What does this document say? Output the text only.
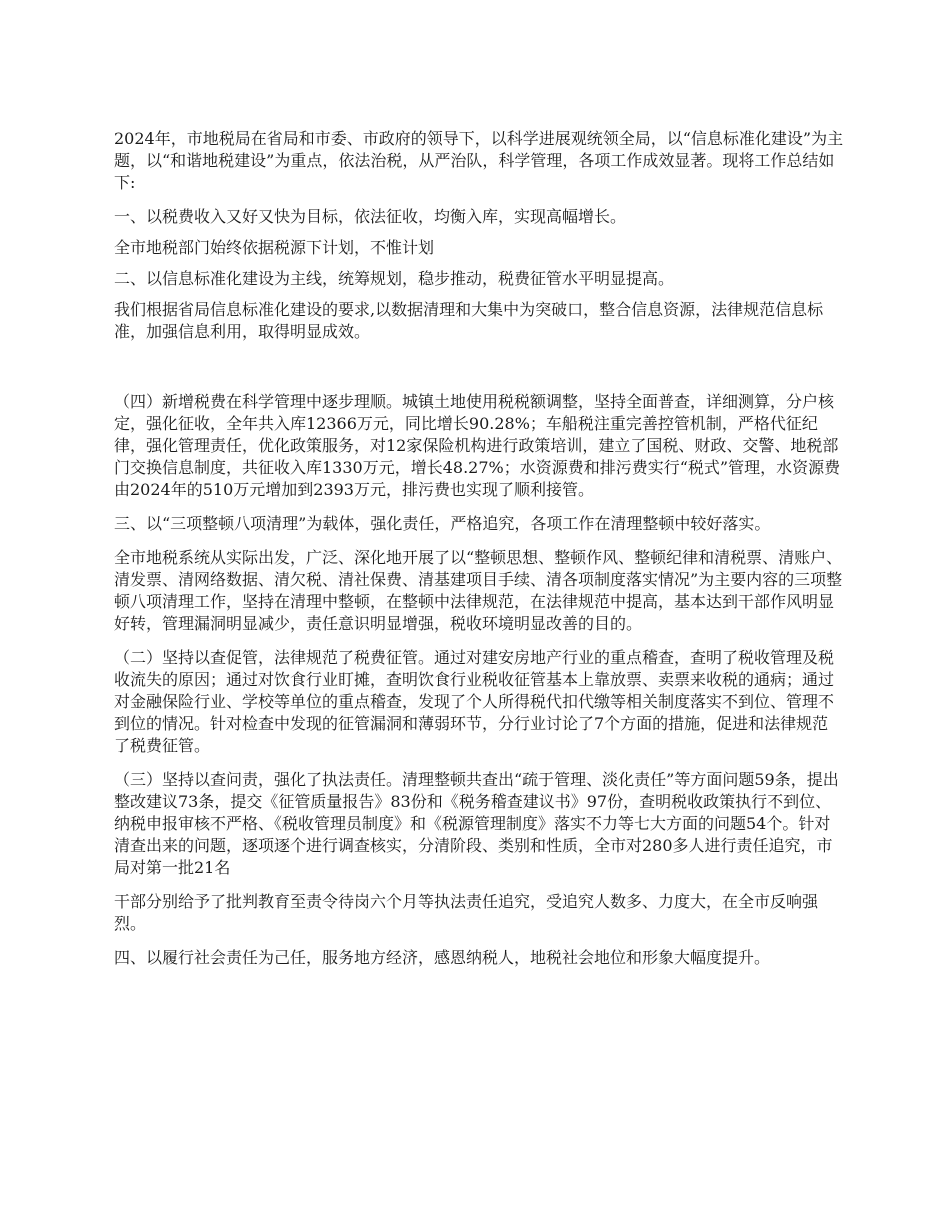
2024年，市地税局在省局和市委、市政府的领导下，以科学进展观统领全局，以“信息标准化建设”为主题，以“和谐地税建设”为重点，依法治税，从严治队，科学管理，各项工作成效显著。现将工作总结如下:

一、以税费收入又好又快为目标，依法征收，均衡入库，实现高幅增长。

全市地税部门始终依据税源下计划，不惟计划

二、以信息标准化建设为主线，统筹规划，稳步推动，税费征管水平明显提高。

我们根据省局信息标准化建设的要求,以数据清理和大集中为突破口，整合信息资源，法律规范信息标准，加强信息利用，取得明显成效。

（四）新增税费在科学管理中逐步理顺。城镇土地使用税税额调整，坚持全面普查，详细测算，分户核定，强化征收，全年共入库12366万元，同比增长90.28%；车船税注重完善控管机制，严格代征纪律，强化管理责任，优化政策服务，对12家保险机构进行政策培训，建立了国税、财政、交警、地税部门交换信息制度，共征收入库1330万元，增长48.27%；水资源费和排污费实行“税式”管理，水资源费由2024年的510万元增加到2393万元，排污费也实现了顺利接管。

三、以“三项整顿八项清理”为载体，强化责任，严格追究，各项工作在清理整顿中较好落实。

全市地税系统从实际出发，广泛、深化地开展了以“整顿思想、整顿作风、整顿纪律和清税票、清账户、清发票、清网络数据、清欠税、清社保费、清基建项目手续、清各项制度落实情况”为主要内容的三项整顿八项清理工作，坚持在清理中整顿，在整顿中法律规范，在法律规范中提高，基本达到干部作风明显好转，管理漏洞明显减少，责任意识明显增强，税收环境明显改善的目的。

（二）坚持以查促管，法律规范了税费征管。通过对建安房地产行业的重点稽查，查明了税收管理及税收流失的原因；通过对饮食行业盯摊，查明饮食行业税收征管基本上靠放票、卖票来收税的通病；通过对金融保险行业、学校等单位的重点稽查，发现了个人所得税代扣代缴等相关制度落实不到位、管理不到位的情况。针对检查中发现的征管漏洞和薄弱环节，分行业讨论了7个方面的措施，促进和法律规范了税费征管。

（三）坚持以查问责，强化了执法责任。清理整顿共查出“疏于管理、淡化责任”等方面问题59条，提出整改建议73条，提交《征管质量报告》83份和《税务稽查建议书》97份，查明税收政策执行不到位、纳税申报审核不严格、《税收管理员制度》和《税源管理制度》落实不力等七大方面的问题54个。针对清查出来的问题，逐项逐个进行调查核实，分清阶段、类别和性质，全市对280多人进行责任追究，市局对第一批21名

干部分别给予了批判教育至责令待岗六个月等执法责任追究，受追究人数多、力度大，在全市反响强烈。

四、以履行社会责任为己任，服务地方经济，感恩纳税人，地税社会地位和形象大幅度提升。
